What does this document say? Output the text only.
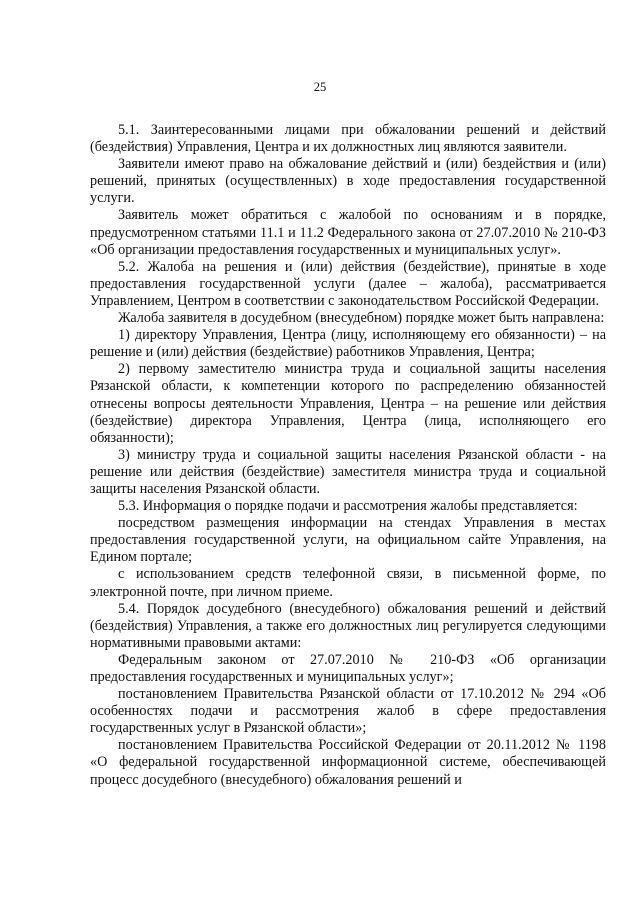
25

5.1. Заинтересованными лицами при обжаловании решений и действий (бездействия) Управления, Центра и их должностных лиц являются заявители.

Заявители имеют право на обжалование действий и (или) бездействия и (или) решений, принятых (осуществленных) в ходе предоставления государственной услуги.

Заявитель может обратиться с жалобой по основаниям и в порядке, предусмотренном статьями 11.1 и 11.2 Федерального закона от 27.07.2010 № 210-ФЗ «Об организации предоставления государственных и муниципальных услуг».

5.2. Жалоба на решения и (или) действия (бездействие), принятые в ходе предоставления государственной услуги (далее – жалоба), рассматривается Управлением, Центром в соответствии с законодательством Российской Федерации.

Жалоба заявителя в досудебном (внесудебном) порядке может быть направлена:

1) директору Управления, Центра (лицу, исполняющему его обязанности) – на решение и (или) действия (бездействие) работников Управления, Центра;

2) первому заместителю министра труда и социальной защиты населения Рязанской области, к компетенции которого по распределению обязанностей отнесены вопросы деятельности Управления, Центра – на решение или действия (бездействие) директора Управления, Центра (лица, исполняющего его обязанности);

3) министру труда и социальной защиты населения Рязанской области - на решение или действия (бездействие) заместителя министра труда и социальной защиты населения Рязанской области.

5.3. Информация о порядке подачи и рассмотрения жалобы представляется:

посредством размещения информации на стендах Управления в местах предоставления государственной услуги, на официальном сайте Управления, на Едином портале;

с использованием средств телефонной связи, в письменной форме, по электронной почте, при личном приеме.

5.4. Порядок досудебного (внесудебного) обжалования решений и действий (бездействия) Управления, а также его должностных лиц регулируется следующими нормативными правовыми актами:

Федеральным законом от 27.07.2010 № 210-ФЗ «Об организации предоставления государственных и муниципальных услуг»;

постановлением Правительства Рязанской области от 17.10.2012 № 294 «Об особенностях подачи и рассмотрения жалоб в сфере предоставления государственных услуг в Рязанской области»;

постановлением Правительства Российской Федерации от 20.11.2012 № 1198 «О федеральной государственной информационной системе, обеспечивающей процесс досудебного (внесудебного) обжалования решений и
